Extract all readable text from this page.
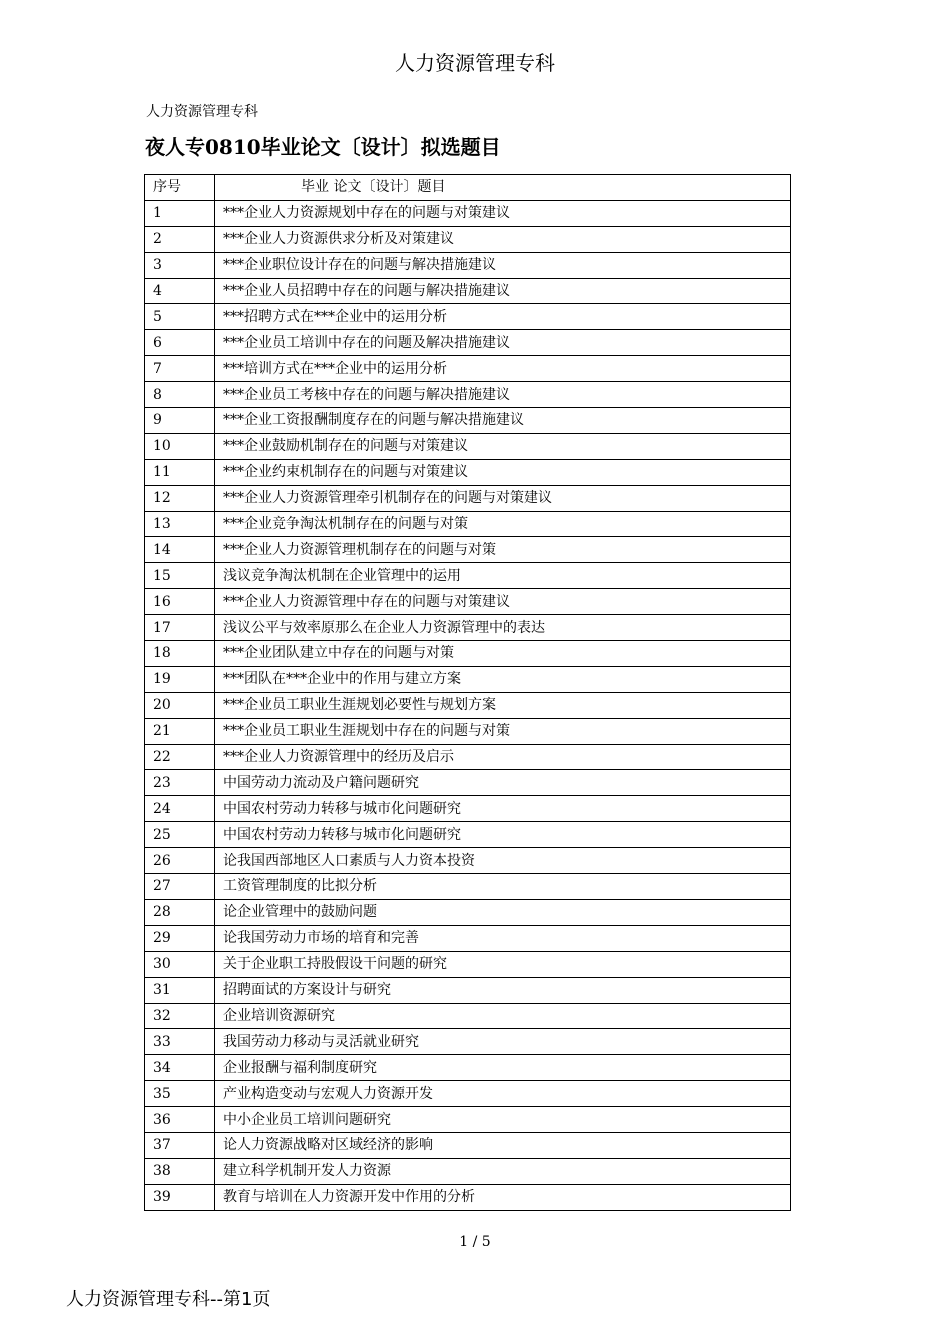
人力资源管理专科
人力资源管理专科
夜人专0810毕业论文〔设计〕拟选题目
序号	毕业 论文〔设计〕题目
1	***企业人力资源规划中存在的问题与对策建议
2	***企业人力资源供求分析及对策建议
3	***企业职位设计存在的问题与解决措施建议
4	***企业人员招聘中存在的问题与解决措施建议
5	***招聘方式在***企业中的运用分析
6	***企业员工培训中存在的问题及解决措施建议
7	***培训方式在***企业中的运用分析
8	***企业员工考核中存在的问题与解决措施建议
9	***企业工资报酬制度存在的问题与解决措施建议
10	***企业鼓励机制存在的问题与对策建议
11	***企业约束机制存在的问题与对策建议
12	***企业人力资源管理牵引机制存在的问题与对策建议
13	***企业竞争淘汰机制存在的问题与对策
14	***企业人力资源管理机制存在的问题与对策
15	浅议竞争淘汰机制在企业管理中的运用
16	***企业人力资源管理中存在的问题与对策建议
17	浅议公平与效率原那么在企业人力资源管理中的表达
18	***企业团队建立中存在的问题与对策
19	***团队在***企业中的作用与建立方案
20	***企业员工职业生涯规划必要性与规划方案
21	***企业员工职业生涯规划中存在的问题与对策
22	***企业人力资源管理中的经历及启示
23	中国劳动力流动及户籍问题研究
24	中国农村劳动力转移与城市化问题研究
25	中国农村劳动力转移与城市化问题研究
26	论我国西部地区人口素质与人力资本投资
27	工资管理制度的比拟分析
28	论企业管理中的鼓励问题
29	论我国劳动力市场的培育和完善
30	关于企业职工持股假设干问题的研究
31	招聘面试的方案设计与研究
32	企业培训资源研究
33	我国劳动力移动与灵活就业研究
34	企业报酬与福利制度研究
35	产业构造变动与宏观人力资源开发
36	中小企业员工培训问题研究
37	论人力资源战略对区域经济的影响
38	建立科学机制开发人力资源
39	教育与培训在人力资源开发中作用的分析
1 / 5
人力资源管理专科--第1页
